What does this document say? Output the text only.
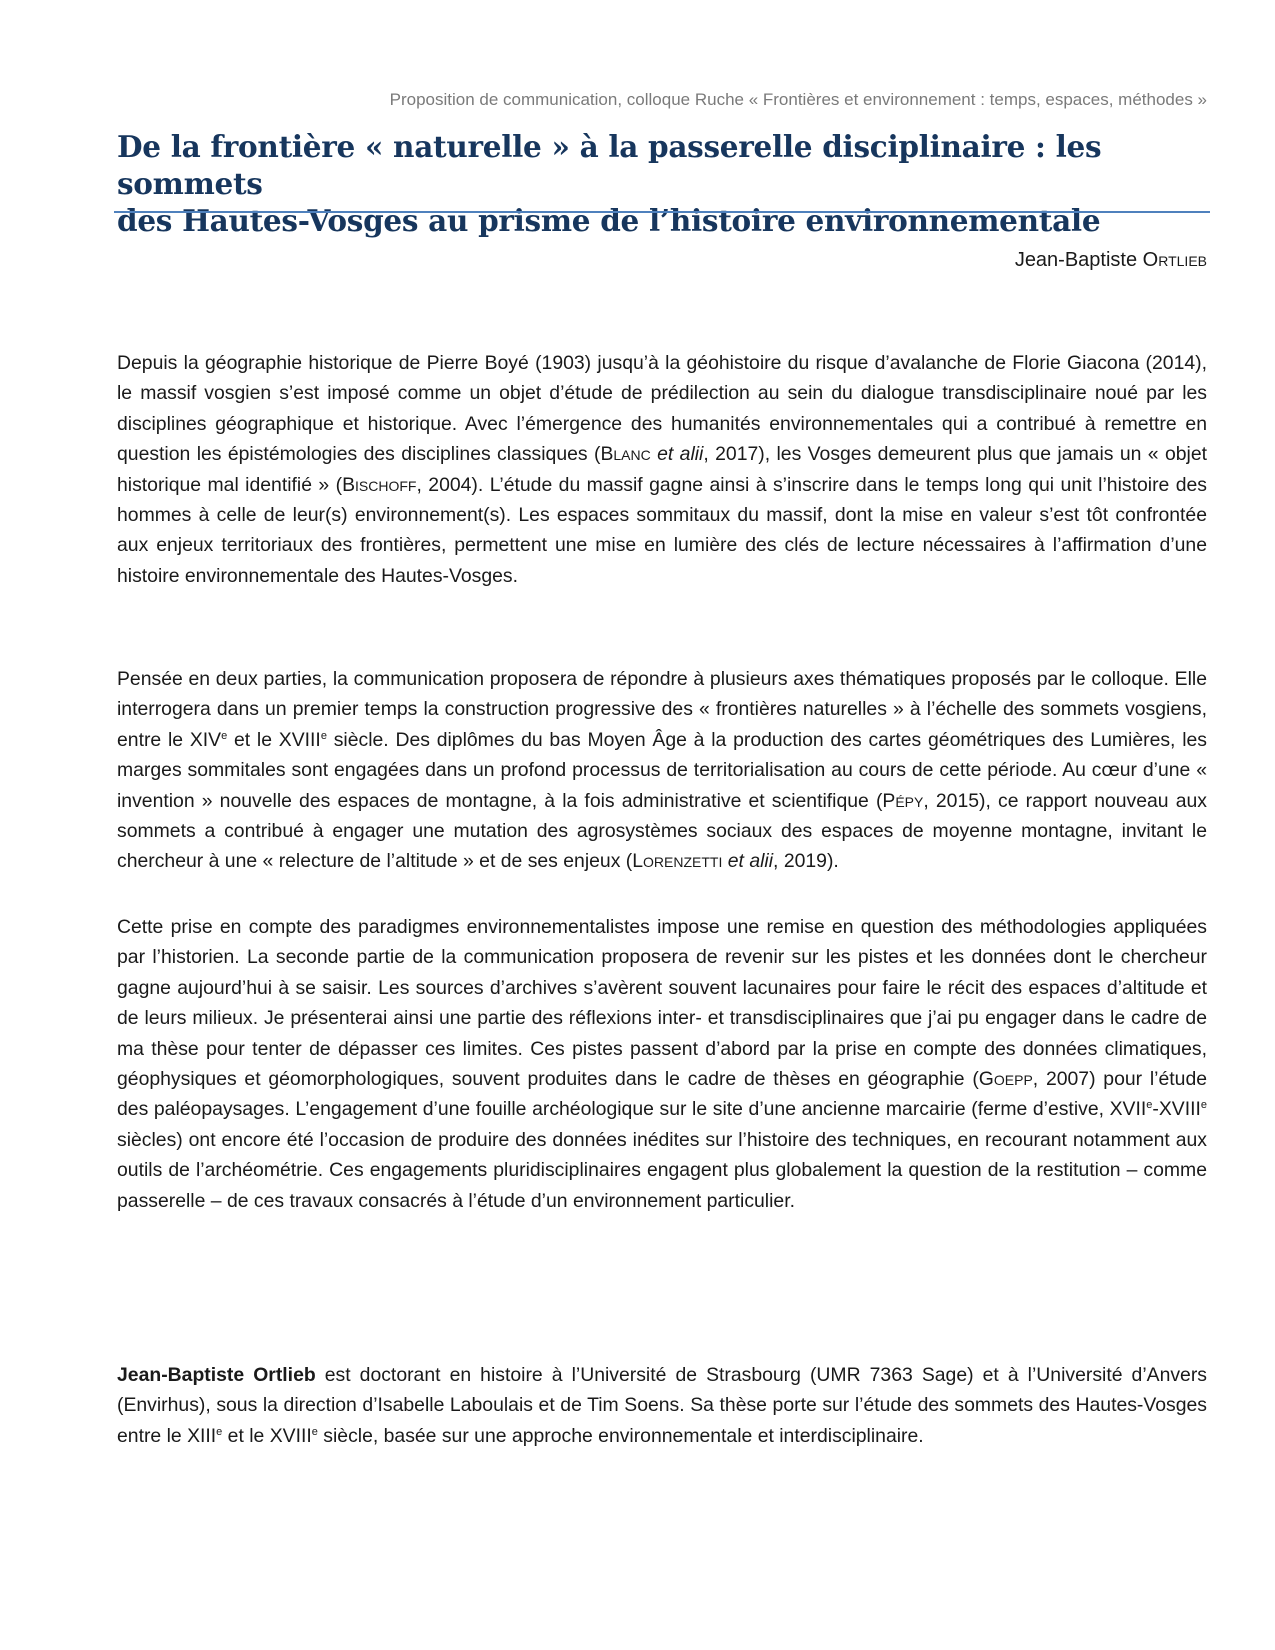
Proposition de communication, colloque Ruche « Frontières et environnement : temps, espaces, méthodes »
De la frontière « naturelle » à la passerelle disciplinaire : les sommets
des Hautes-Vosges au prisme de l’histoire environnementale
Jean-Baptiste Ortlieb

Depuis la géographie historique de Pierre Boyé (1903) jusqu’à la géohistoire du risque d’avalanche de Florie Giacona (2014), le massif vosgien s’est imposé comme un objet d’étude de prédilection au sein du dialogue transdisciplinaire noué par les disciplines géographique et historique. Avec l’émergence des humanités environnementales qui a contribué à remettre en question les épistémologies des disciplines classiques (Blanc et alii, 2017), les Vosges demeurent plus que jamais un « objet historique mal identifié » (Bischoff, 2004). L’étude du massif gagne ainsi à s’inscrire dans le temps long qui unit l’histoire des hommes à celle de leur(s) environnement(s). Les espaces sommitaux du massif, dont la mise en valeur s’est tôt confrontée aux enjeux territoriaux des frontières, permettent une mise en lumière des clés de lecture nécessaires à l’affirmation d’une histoire environnementale des Hautes-Vosges.

Pensée en deux parties, la communication proposera de répondre à plusieurs axes thématiques proposés par le colloque. Elle interrogera dans un premier temps la construction progressive des « frontières naturelles » à l’échelle des sommets vosgiens, entre le XIVe et le XVIIIe siècle. Des diplômes du bas Moyen Âge à la production des cartes géométriques des Lumières, les marges sommitales sont engagées dans un profond processus de territorialisation au cours de cette période. Au cœur d’une « invention » nouvelle des espaces de montagne, à la fois administrative et scientifique (Pépy, 2015), ce rapport nouveau aux sommets a contribué à engager une mutation des agrosystèmes sociaux des espaces de moyenne montagne, invitant le chercheur à une « relecture de l’altitude » et de ses enjeux (Lorenzetti et alii, 2019).

Cette prise en compte des paradigmes environnementalistes impose une remise en question des méthodologies appliquées par l’historien. La seconde partie de la communication proposera de revenir sur les pistes et les données dont le chercheur gagne aujourd’hui à se saisir. Les sources d’archives s’avèrent souvent lacunaires pour faire le récit des espaces d’altitude et de leurs milieux. Je présenterai ainsi une partie des réflexions inter- et transdisciplinaires que j’ai pu engager dans le cadre de ma thèse pour tenter de dépasser ces limites. Ces pistes passent d’abord par la prise en compte des données climatiques, géophysiques et géomorphologiques, souvent produites dans le cadre de thèses en géographie (Goepp, 2007) pour l’étude des paléopaysages. L’engagement d’une fouille archéologique sur le site d’une ancienne marcairie (ferme d’estive, XVIIe-XVIIIe siècles) ont encore été l’occasion de produire des données inédites sur l’histoire des techniques, en recourant notamment aux outils de l’archéométrie. Ces engagements pluridisciplinaires engagent plus globalement la question de la restitution – comme passerelle – de ces travaux consacrés à l’étude d’un environnement particulier.

Jean-Baptiste Ortlieb est doctorant en histoire à l’Université de Strasbourg (UMR 7363 Sage) et à l’Université d’Anvers (Envirhus), sous la direction d’Isabelle Laboulais et de Tim Soens. Sa thèse porte sur l’étude des sommets des Hautes-Vosges entre le XIIIe et le XVIIIe siècle, basée sur une approche environnementale et interdisciplinaire.
